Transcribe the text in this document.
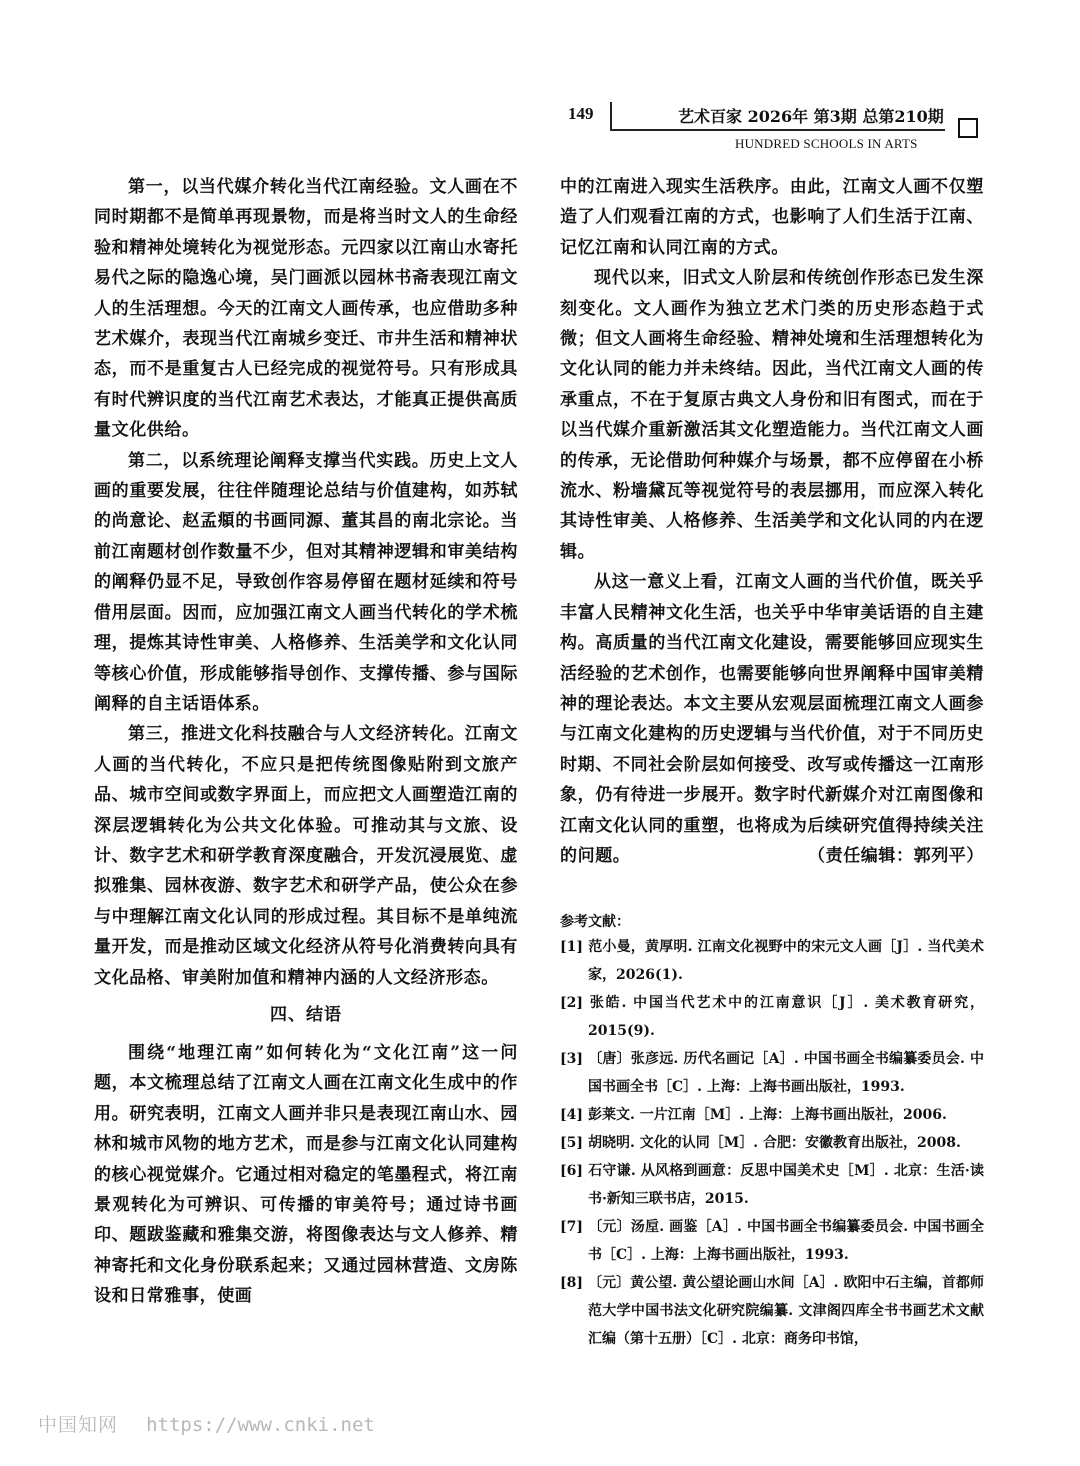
149	艺术百家 2026年 第3期 总第210期
HUNDRED SCHOOLS IN ARTS

第一，以当代媒介转化当代江南经验。文人画在不同时期都不是简单再现景物，而是将当时文人的生命经验和精神处境转化为视觉形态。元四家以江南山水寄托易代之际的隐逸心境，吴门画派以园林书斋表现江南文人的生活理想。今天的江南文人画传承，也应借助多种艺术媒介，表现当代江南城乡变迁、市井生活和精神状态，而不是重复古人已经完成的视觉符号。只有形成具有时代辨识度的当代江南艺术表达，才能真正提供高质量文化供给。

第二，以系统理论阐释支撑当代实践。历史上文人画的重要发展，往往伴随理论总结与价值建构，如苏轼的尚意论、赵孟頫的书画同源、董其昌的南北宗论。当前江南题材创作数量不少，但对其精神逻辑和审美结构的阐释仍显不足，导致创作容易停留在题材延续和符号借用层面。因而，应加强江南文人画当代转化的学术梳理，提炼其诗性审美、人格修养、生活美学和文化认同等核心价值，形成能够指导创作、支撑传播、参与国际阐释的自主话语体系。

第三，推进文化科技融合与人文经济转化。江南文人画的当代转化，不应只是把传统图像贴附到文旅产品、城市空间或数字界面上，而应把文人画塑造江南的深层逻辑转化为公共文化体验。可推动其与文旅、设计、数字艺术和研学教育深度融合，开发沉浸展览、虚拟雅集、园林夜游、数字艺术和研学产品，使公众在参与中理解江南文化认同的形成过程。其目标不是单纯流量开发，而是推动区域文化经济从符号化消费转向具有文化品格、审美附加值和精神内涵的人文经济形态。

四、结语

围绕“地理江南”如何转化为“文化江南”这一问题，本文梳理总结了江南文人画在江南文化生成中的作用。研究表明，江南文人画并非只是表现江南山水、园林和城市风物的地方艺术，而是参与江南文化认同建构的核心视觉媒介。它通过相对稳定的笔墨程式，将江南景观转化为可辨识、可传播的审美符号；通过诗书画印、题跋鉴藏和雅集交游，将图像表达与文人修养、精神寄托和文化身份联系起来；又通过园林营造、文房陈设和日常雅事，使画

中的江南进入现实生活秩序。由此，江南文人画不仅塑造了人们观看江南的方式，也影响了人们生活于江南、记忆江南和认同江南的方式。

现代以来，旧式文人阶层和传统创作形态已发生深刻变化。文人画作为独立艺术门类的历史形态趋于式微；但文人画将生命经验、精神处境和生活理想转化为文化认同的能力并未终结。因此，当代江南文人画的传承重点，不在于复原古典文人身份和旧有图式，而在于以当代媒介重新激活其文化塑造能力。当代江南文人画的传承，无论借助何种媒介与场景，都不应停留在小桥流水、粉墙黛瓦等视觉符号的表层挪用，而应深入转化其诗性审美、人格修养、生活美学和文化认同的内在逻辑。

从这一意义上看，江南文人画的当代价值，既关乎丰富人民精神文化生活，也关乎中华审美话语的自主建构。高质量的当代江南文化建设，需要能够回应现实生活经验的艺术创作，也需要能够向世界阐释中国审美精神的理论表达。本文主要从宏观层面梳理江南文人画参与江南文化建构的历史逻辑与当代价值，对于不同历史时期、不同社会阶层如何接受、改写或传播这一江南形象，仍有待进一步展开。数字时代新媒介对江南图像和江南文化认同的重塑，也将成为后续研究值得持续关注的问题。	（责任编辑：郭列平）

参考文献：

[1] 范小曼，黄厚明. 江南文化视野中的宋元文人画［J］. 当代美术家，2026(1).

[2] 张皓. 中国当代艺术中的江南意识［J］. 美术教育研究，2015(9).

[3] 〔唐〕张彦远. 历代名画记［A］. 中国书画全书编纂委员会. 中国书画全书［C］. 上海：上海书画出版社，1993.

[4] 彭莱文. 一片江南［M］. 上海：上海书画出版社，2006.

[5] 胡晓明. 文化的认同［M］. 合肥：安徽教育出版社，2008.

[6] 石守谦. 从风格到画意：反思中国美术史［M］. 北京：生活·读书·新知三联书店，2015.

[7] 〔元〕汤垕. 画鉴［A］. 中国书画全书编纂委员会. 中国书画全书［C］. 上海：上海书画出版社，1993.

[8] 〔元〕黄公望. 黄公望论画山水间［A］. 欧阳中石主编，首都师范大学中国书法文化研究院编纂. 文津阁四库全书书画艺术文献汇编（第十五册）［C］. 北京：商务印书馆，

中国知网 https://www.cnki.net
